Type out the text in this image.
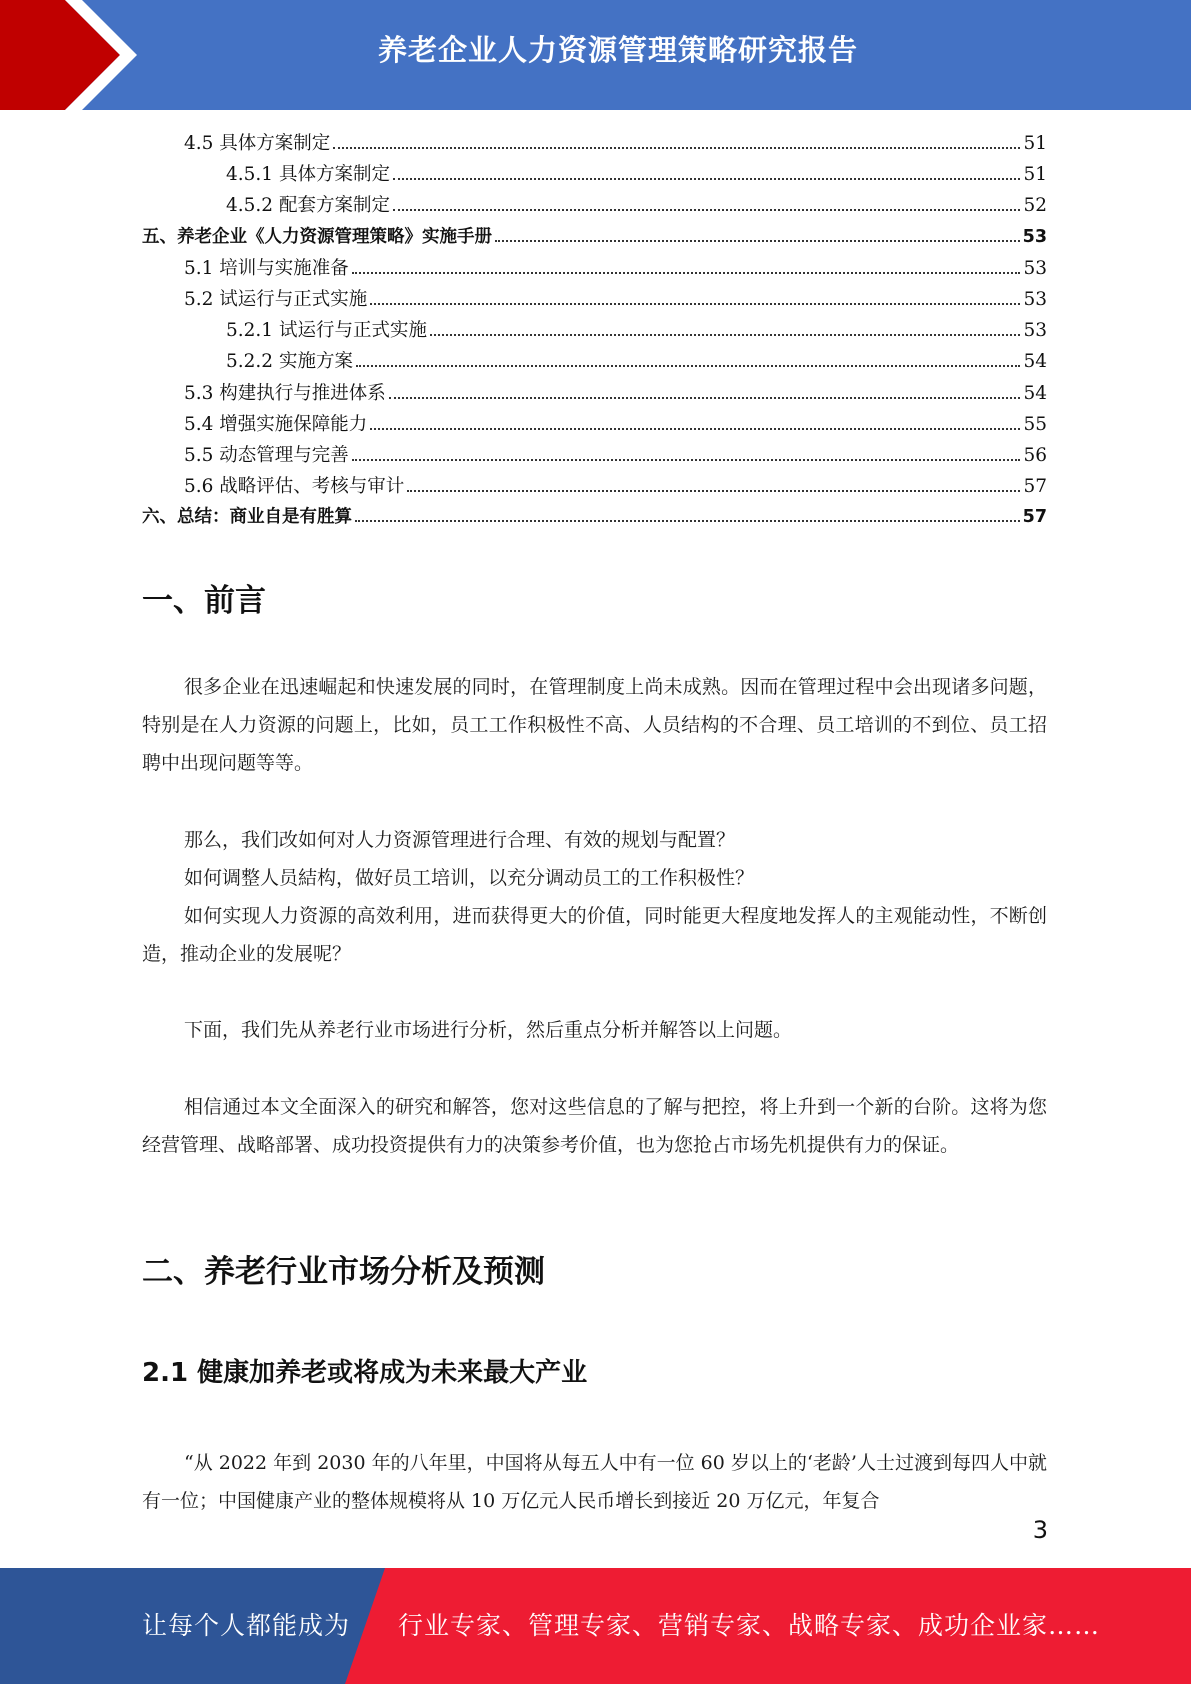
养老企业人力资源管理策略研究报告
4.5 具体方案制定	51
4.5.1 具体方案制定	51
4.5.2 配套方案制定	52
五、养老企业《人力资源管理策略》实施手册	53
5.1 培训与实施准备	53
5.2 试运行与正式实施	53
5.2.1 试运行与正式实施	53
5.2.2 实施方案	54
5.3 构建执行与推进体系	54
5.4 增强实施保障能力	55
5.5 动态管理与完善	56
5.6 战略评估、考核与审计	57
六、总结：商业自是有胜算	57
一、前言

很多企业在迅速崛起和快速发展的同时，在管理制度上尚未成熟。因而在管理过程中会出现诸多问题，特别是在人力资源的问题上，比如，员工工作积极性不高、人员结构的不合理、员工培训的不到位、员工招聘中出现问题等等。

那么，我们改如何对人力资源管理进行合理、有效的规划与配置？

如何调整人员結构，做好员工培训，以充分调动员工的工作积极性？

如何实现人力资源的高效利用，进而获得更大的价值，同时能更大程度地发挥人的主观能动性，不断创造，推动企业的发展呢？

下面，我们先从养老行业市场进行分析，然后重点分析并解答以上问题。

相信通过本文全面深入的研究和解答，您对这些信息的了解与把控，将上升到一个新的台阶。这将为您经营管理、战略部署、成功投资提供有力的决策参考价值，也为您抢占市场先机提供有力的保证。

二、养老行业市场分析及预测
2.1 健康加养老或将成为未来最大产业

“从 2022 年到 2030 年的八年里，中国将从每五人中有一位 60 岁以上的‘老龄’人士过渡到每四人中就有一位；中国健康产业的整体规模将从 10 万亿元人民币增长到接近 20 万亿元，年复合

3
让每个人都能成为 行业专家、管理专家、营销专家、战略专家、成功企业家……
